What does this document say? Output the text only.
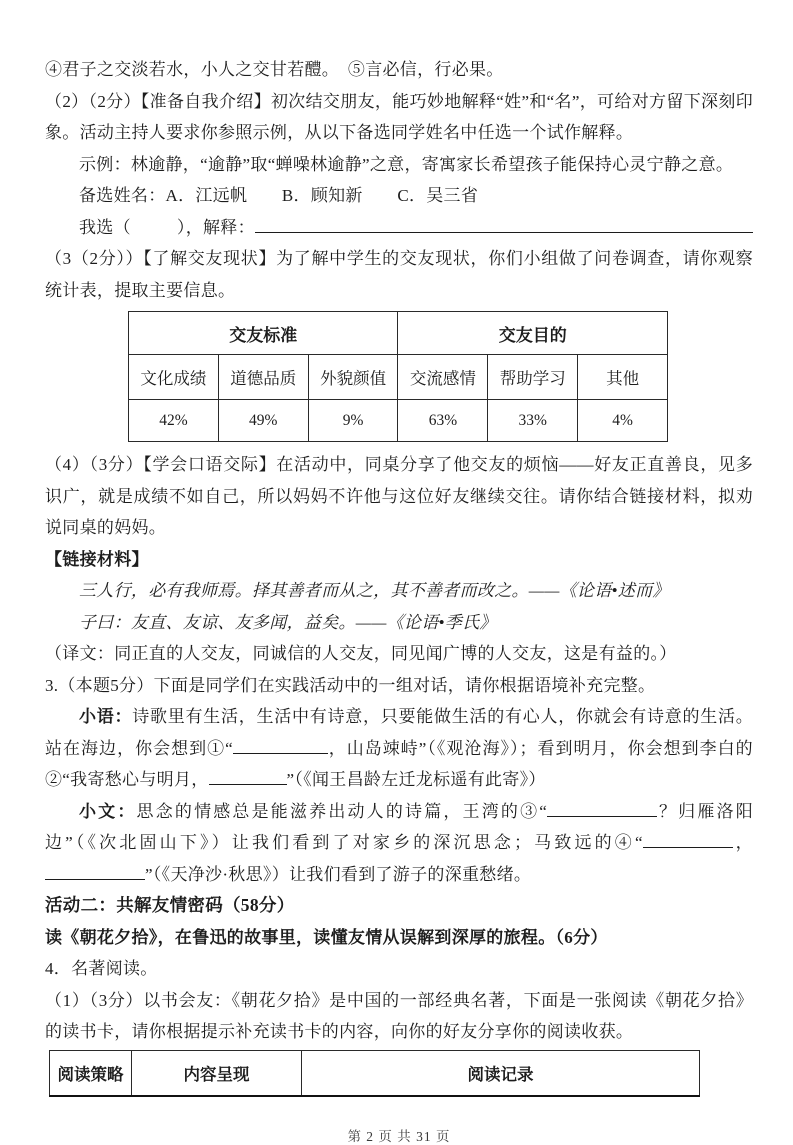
④君子之交淡若水，小人之交甘若醴。　⑤言必信，行必果。

（2）（2分）【准备自我介绍】初次结交朋友，能巧妙地解释“姓”和“名”，可给对方留下深刻印象。活动主持人要求你参照示例，从以下备选同学姓名中任选一个试作解释。

示例：林逾静，“逾静”取“蝉噪林逾静”之意，寄寓家长希望孩子能保持心灵宁静之意。

备选姓名：A．江远帆　　B．顾知新　　C．吴三省

我选（	），解释：

（3（2分））【了解交友现状】为了解中学生的交友现状，你们小组做了问卷调查，请你观察统计表，提取主要信息。

交友标准			交友目的		
文化成绩	道德品质	外貌颜值	交流感情	帮助学习	其他
42%	49%	9%	63%	33%	4%

（4）（3分）【学会口语交际】在活动中，同桌分享了他交友的烦恼——好友正直善良，见多识广，就是成绩不如自己，所以妈妈不许他与这位好友继续交往。请你结合链接材料，拟劝说同桌的妈妈。

【链接材料】

三人行，必有我师焉。择其善者而从之，其不善者而改之。——《论语•述而》

子曰：友直、友谅、友多闻，益矣。——《论语•季氏》

（译文：同正直的人交友，同诚信的人交友，同见闻广博的人交友，这是有益的。）

3.（本题5分）下面是同学们在实践活动中的一组对话，请你根据语境补充完整。

小语：诗歌里有生活，生活中有诗意，只要能做生活的有心人，你就会有诗意的生活。站在海边，你会想到①“	，山岛竦峙”（《观沧海》）；看到明月，你会想到李白的②“我寄愁心与明月，	”（《闻王昌龄左迁龙标遥有此寄》）

小文：思念的情感总是能滋养出动人的诗篇，王湾的③“	？归雁洛阳边”（《次北固山下》）让我们看到了对家乡的深沉思念；马致远的④“	，”（《天净沙·秋思》）让我们看到了游子的深重愁绪。

活动二：共解友情密码（58分）

读《朝花夕拾》，在鲁迅的故事里，读懂友情从误解到深厚的旅程。（6分）

4．名著阅读。

（1）（3分）以书会友：《朝花夕拾》是中国的一部经典名著，下面是一张阅读《朝花夕拾》的读书卡，请你根据提示补充读书卡的内容，向你的好友分享你的阅读收获。

阅读策略	内容呈现	阅读记录
第 2 页 共 31 页
